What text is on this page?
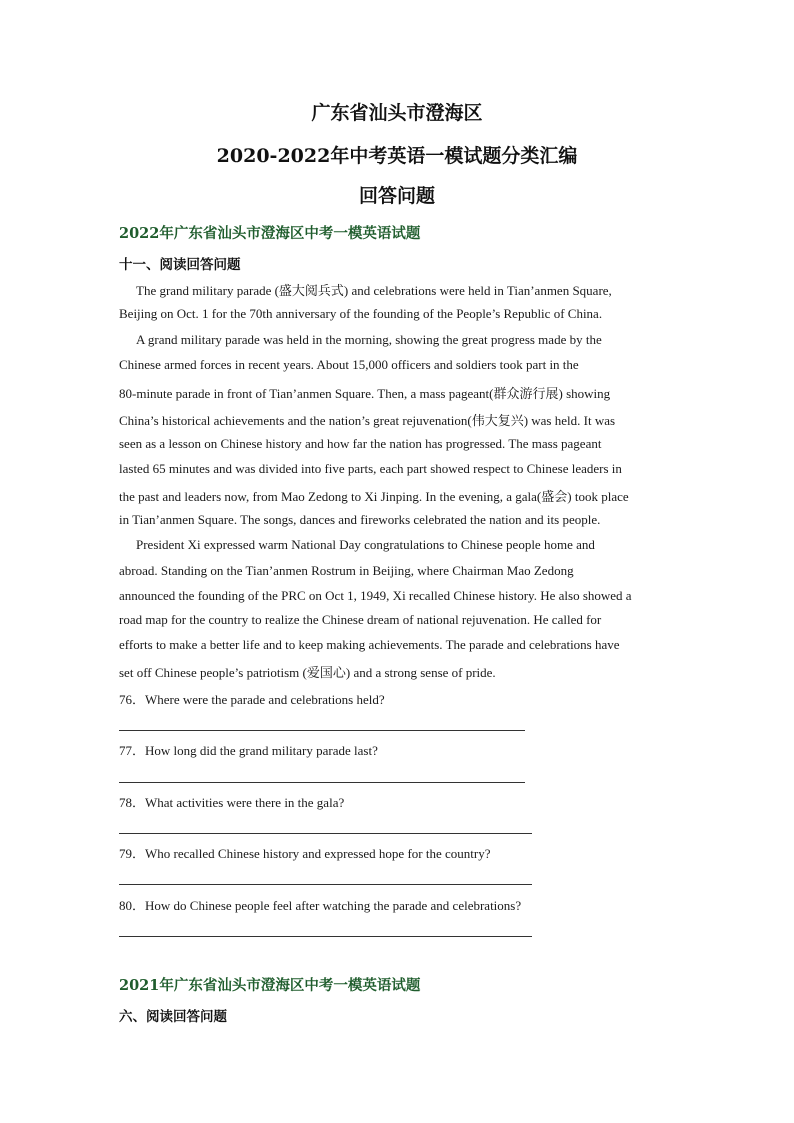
广东省汕头市澄海区
2020-2022年中考英语一模试题分类汇编
回答问题
2022年广东省汕头市澄海区中考一模英语试题
十一、阅读回答问题
The grand military parade (盛大阅兵式) and celebrations were held in Tian’anmen Square,
Beijing on Oct. 1 for the 70th anniversary of the founding of the People’s Republic of China.
A grand military parade was held in the morning, showing the great progress made by the
Chinese armed forces in recent years. About 15,000 officers and soldiers took part in the
80-minute parade in front of Tian’anmen Square. Then, a mass pageant(群众游行展) showing
China’s historical achievements and the nation’s great rejuvenation(伟大复兴) was held. It was
seen as a lesson on Chinese history and how far the nation has progressed. The mass pageant
lasted 65 minutes and was divided into five parts, each part showed respect to Chinese leaders in
the past and leaders now, from Mao Zedong to Xi Jinping. In the evening, a gala(盛会) took place
in Tian’anmen Square. The songs, dances and fireworks celebrated the nation and its people.
President Xi expressed warm National Day congratulations to Chinese people home and
abroad. Standing on the Tian’anmen Rostrum in Beijing, where Chairman Mao Zedong
announced the founding of the PRC on Oct 1, 1949, Xi recalled Chinese history. He also showed a
road map for the country to realize the Chinese dream of national rejuvenation. He called for
efforts to make a better life and to keep making achievements. The parade and celebrations have
set off Chinese people’s patriotism (爱国心) and a strong sense of pride.
76．Where were the parade and celebrations held?
77．How long did the grand military parade last?
78．What activities were there in the gala?
79．Who recalled Chinese history and expressed hope for the country?
80．How do Chinese people feel after watching the parade and celebrations?
2021年广东省汕头市澄海区中考一模英语试题
六、阅读回答问题
